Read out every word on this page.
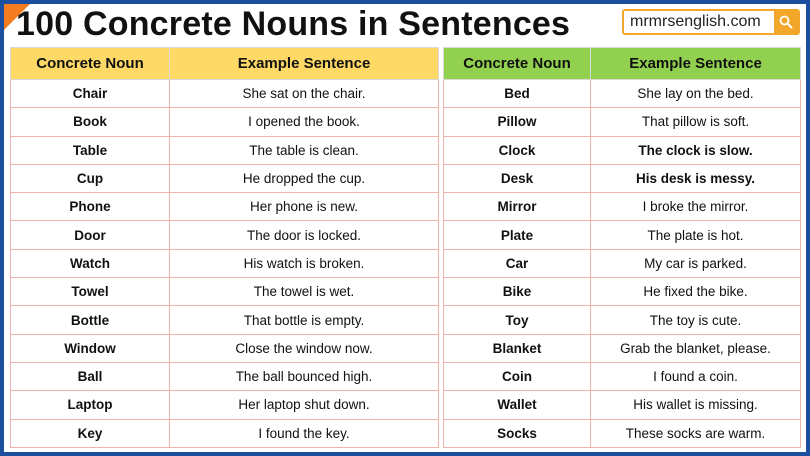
100 Concrete Nouns in Sentences	mrmrsenglish.com
Concrete Noun	Example Sentence
Chair	She sat on the chair.
Book	I opened the book.
Table	The table is clean.
Cup	He dropped the cup.
Phone	Her phone is new.
Door	The door is locked.
Watch	His watch is broken.
Towel	The towel is wet.
Bottle	That bottle is empty.
Window	Close the window now.
Ball	The ball bounced high.
Laptop	Her laptop shut down.
Key	I found the key.
Concrete Noun	Example Sentence
Bed	She lay on the bed.
Pillow	That pillow is soft.
Clock	The clock is slow.
Desk	His desk is messy.
Mirror	I broke the mirror.
Plate	The plate is hot.
Car	My car is parked.
Bike	He fixed the bike.
Toy	The toy is cute.
Blanket	Grab the blanket, please.
Coin	I found a coin.
Wallet	His wallet is missing.
Socks	These socks are warm.
